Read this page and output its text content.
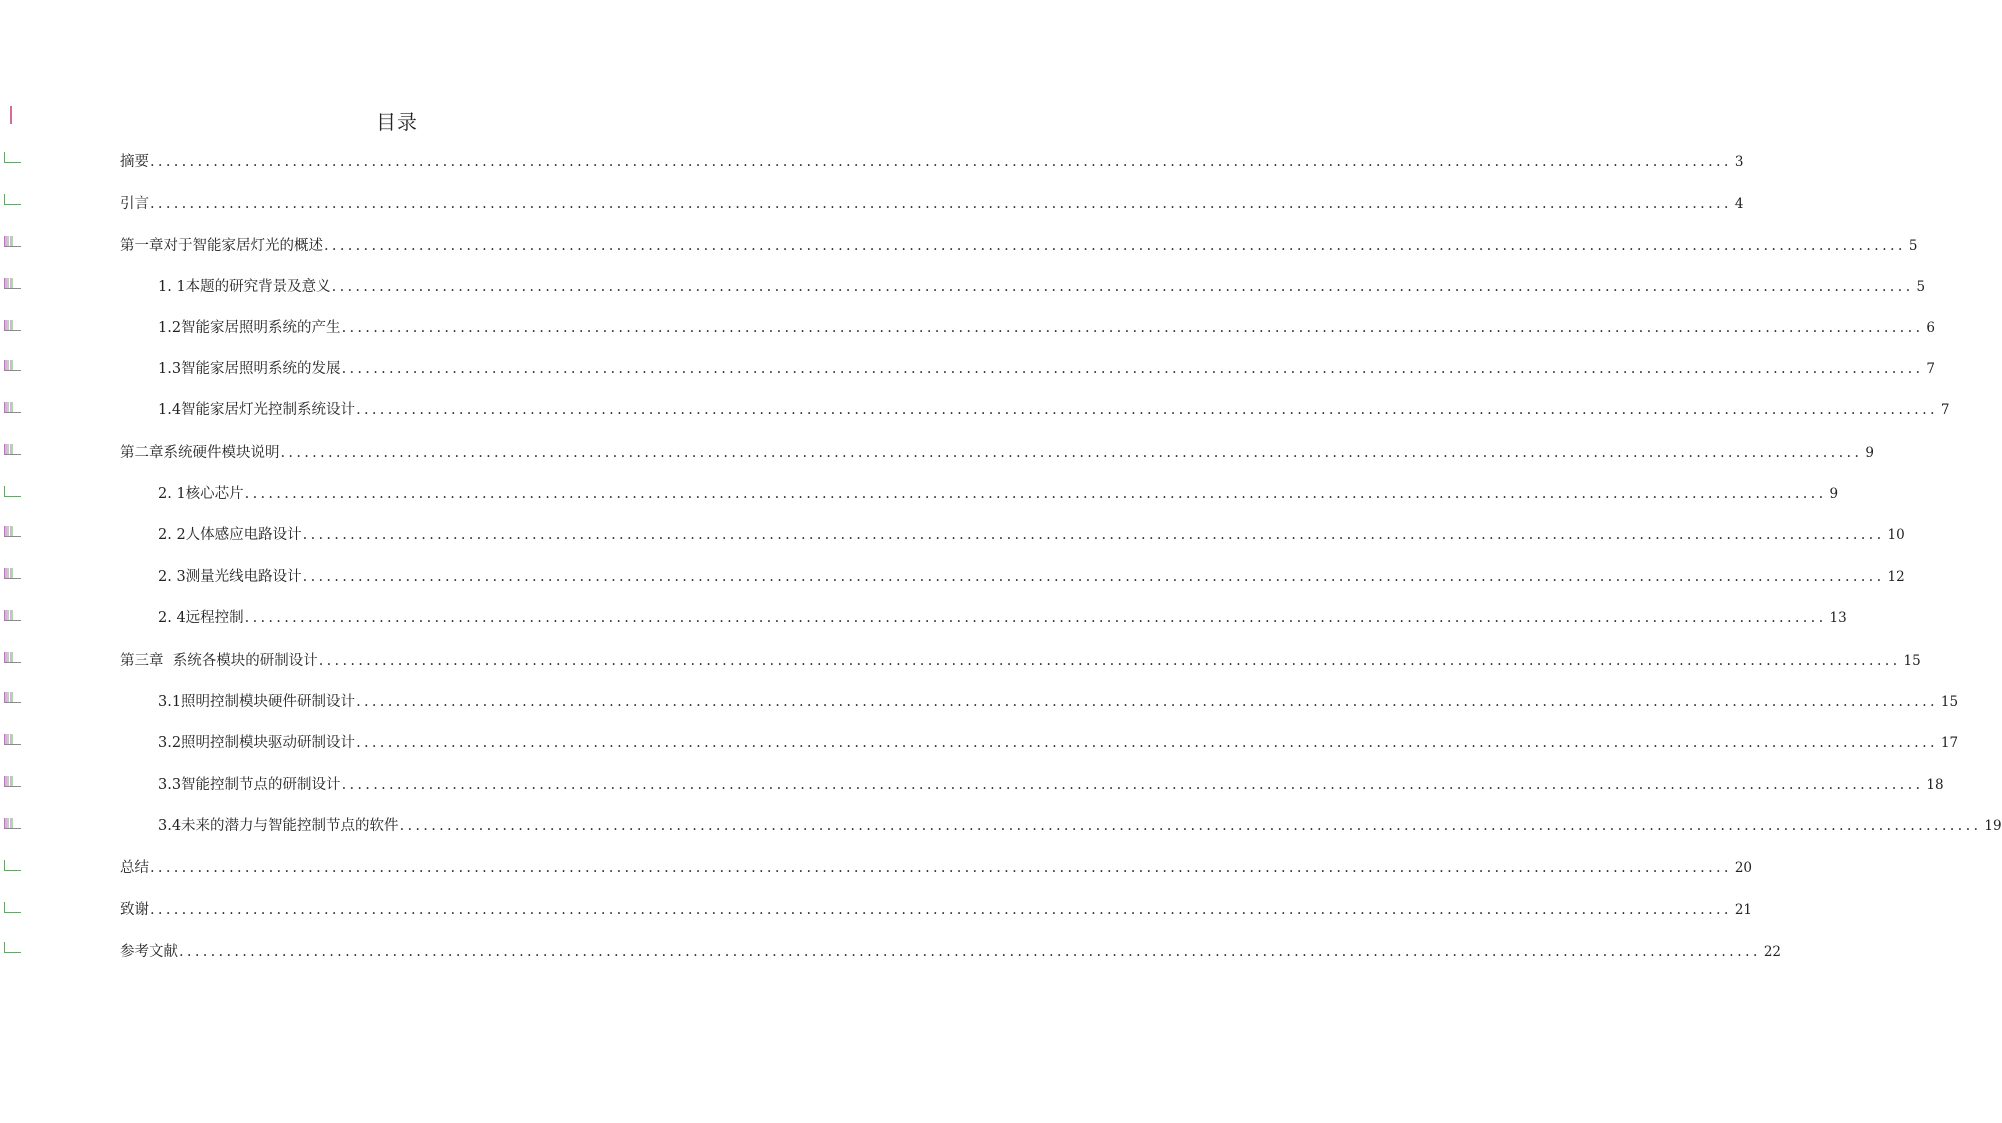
目录
摘要 ........................................................................................................................................................................................................ 3
引言 ........................................................................................................................................................................................................ 4
第一章对于智能家居灯光的概述 ........................................................................................................................................................................................................ 5
1. 1本题的研究背景及意义 ........................................................................................................................................................................................................ 5
1.2智能家居照明系统的产生 ........................................................................................................................................................................................................ 6
1.3智能家居照明系统的发展 ........................................................................................................................................................................................................ 7
1.4智能家居灯光控制系统设计 ........................................................................................................................................................................................................ 7
第二章系统硬件模块说明 ........................................................................................................................................................................................................ 9
2. 1核心芯片 ........................................................................................................................................................................................................ 9
2. 2人体感应电路设计 ........................................................................................................................................................................................................ 10
2. 3测量光线电路设计 ........................................................................................................................................................................................................ 12
2. 4远程控制 ........................................................................................................................................................................................................ 13
第三章  系统各模块的研制设计 ........................................................................................................................................................................................................ 15
3.1照明控制模块硬件研制设计 ........................................................................................................................................................................................................ 15
3.2照明控制模块驱动研制设计 ........................................................................................................................................................................................................ 17
3.3智能控制节点的研制设计 ........................................................................................................................................................................................................ 18
3.4未来的潜力与智能控制节点的软件 ........................................................................................................................................................................................................ 19
总结 ........................................................................................................................................................................................................ 20
致谢 ........................................................................................................................................................................................................ 21
参考文献 ........................................................................................................................................................................................................ 22
